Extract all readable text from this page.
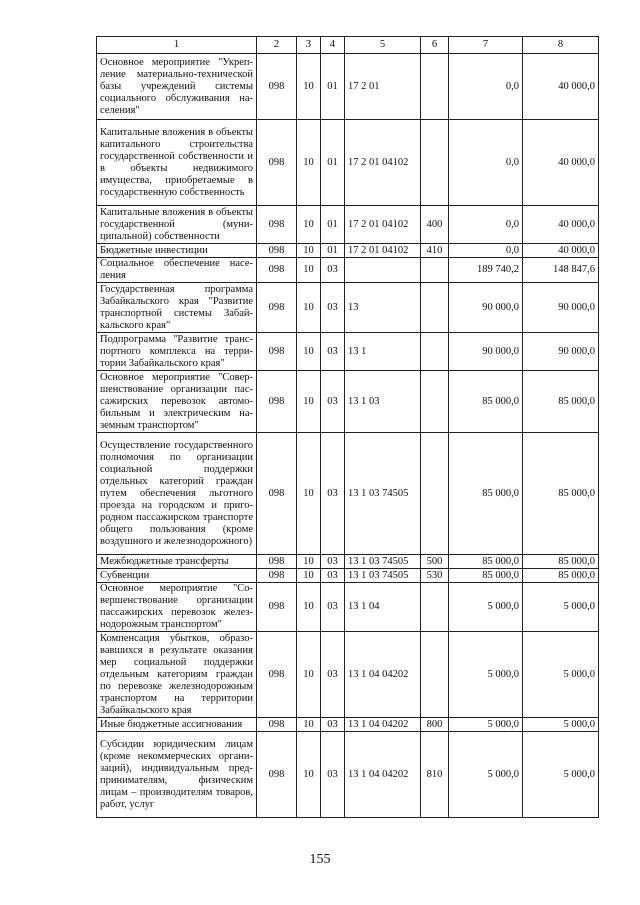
1	2	3	4	5	6	7	8
Основное мероприятие "Укрепление материально-технической базы учреждений системы социального обслуживания населения"	098	10	01	17 2 01		0,0	40 000,0
Капитальные вложения в объекты капитального строительства государственной собственности и в объекты недвижимого имущества, приобретаемые в государственную собственность	098	10	01	17 2 01 04102		0,0	40 000,0
Капитальные вложения в объекты государственной (муниципальной) собственности	098	10	01	17 2 01 04102	400	0,0	40 000,0
Бюджетные инвестиции	098	10	01	17 2 01 04102	410	0,0	40 000,0
Социальное обеспечение населения	098	10	03			189 740,2	148 847,6
Государственная программа Забайкальского края "Развитие транспортной системы Забайкальского края"	098	10	03	13		90 000,0	90 000,0
Подпрограмма "Развитие транспортного комплекса на территории Забайкальского края"	098	10	03	13 1		90 000,0	90 000,0
Основное мероприятие "Совершенствование организации пассажирских перевозок автомобильным и электрическим наземным транспортом"	098	10	03	13 1 03		85 000,0	85 000,0
Осуществление государственного полномочия по организации социальной поддержки отдельных категорий граждан путем обеспечения льготного проезда на городском и пригородном пассажирском транспорте общего пользования (кроме воздушного и железнодорожного)	098	10	03	13 1 03 74505		85 000,0	85 000,0
Межбюджетные трансферты	098	10	03	13 1 03 74505	500	85 000,0	85 000,0
Субвенции	098	10	03	13 1 03 74505	530	85 000,0	85 000,0
Основное мероприятие "Совершенствование организации пассажирских перевозок железнодорожным транспортом"	098	10	03	13 1 04		5 000,0	5 000,0
Компенсация убытков, образовавшихся в результате оказания мер социальной поддержки отдельным категориям граждан по перевозке железнодорожным транспортом на территории Забайкальского края	098	10	03	13 1 04 04202		5 000,0	5 000,0
Иные бюджетные ассигнования	098	10	03	13 1 04 04202	800	5 000,0	5 000,0
Субсидии юридическим лицам (кроме некоммерческих организаций), индивидуальным предпринимателям, физическим лицам – производителям товаров, работ, услуг	098	10	03	13 1 04 04202	810	5 000,0	5 000,0
155
